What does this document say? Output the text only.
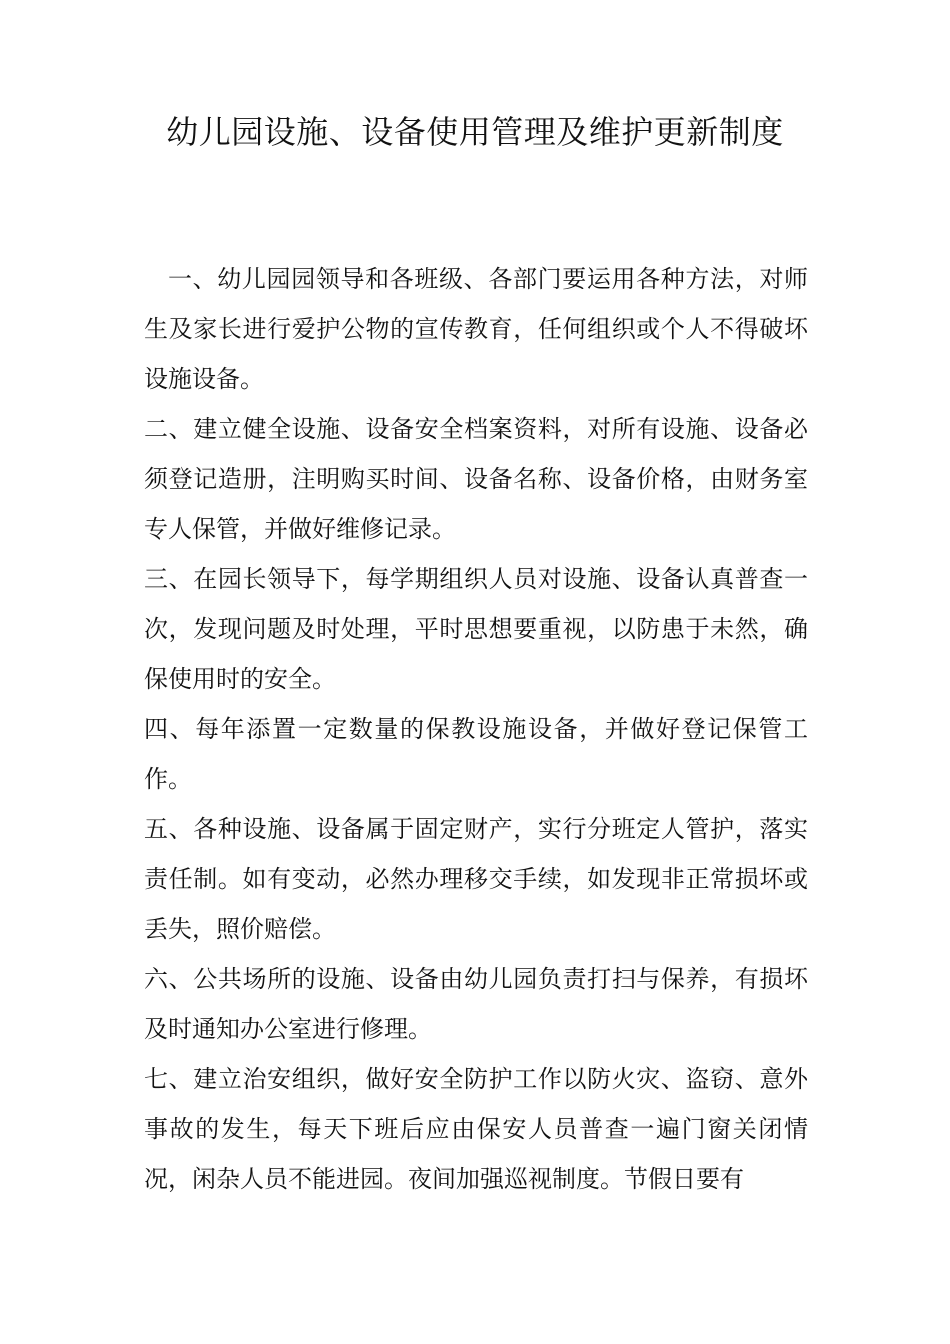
幼儿园设施、设备使用管理及维护更新制度

一、幼儿园园领导和各班级、各部门要运用各种方法，对师生及家长进行爱护公物的宣传教育，任何组织或个人不得破坏设施设备。

二、建立健全设施、设备安全档案资料，对所有设施、设备必须登记造册，注明购买时间、设备名称、设备价格，由财务室专人保管，并做好维修记录。

三、在园长领导下，每学期组织人员对设施、设备认真普查一次，发现问题及时处理，平时思想要重视，以防患于未然，确保使用时的安全。

四、每年添置一定数量的保教设施设备，并做好登记保管工作。

五、各种设施、设备属于固定财产，实行分班定人管护，落实责任制。如有变动，必然办理移交手续，如发现非正常损坏或丢失，照价赔偿。

六、公共场所的设施、设备由幼儿园负责打扫与保养，有损坏及时通知办公室进行修理。

七、建立治安组织，做好安全防护工作以防火灾、盗窃、意外事故的发生，每天下班后应由保安人员普查一遍门窗关闭情况，闲杂人员不能进园。夜间加强巡视制度。节假日要有
